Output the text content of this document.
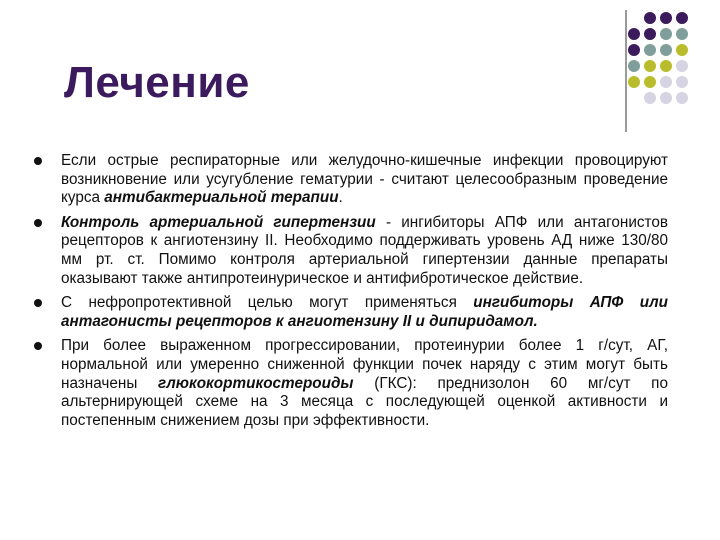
Лечение
Если острые респираторные или желудочно-кишечные инфекции провоцируют возникновение или усугубление гематурии - считают целесообразным проведение курса антибактериальной терапии.
Контроль артериальной гипертензии - ингибиторы АПФ или антагонистов рецепторов к ангиотензину II. Необходимо поддерживать уровень АД ниже 130/80 мм рт. ст. Помимо контроля артериальной гипертензии данные препараты оказывают также антипротеинурическое и антифибротическое действие.
С нефропротективной целью могут применяться ингибиторы АПФ или антагонисты рецепторов к ангиотензину II и дипиридамол.
При более выраженном прогрессировании, протеинурии более 1 г/сут, АГ, нормальной или умеренно сниженной функции почек наряду с этим могут быть назначены глюкокортикостероиды (ГКС): преднизолон 60 мг/сут по альтернирующей схеме на 3 месяца с последующей оценкой активности и постепенным снижением дозы при эффективности.
